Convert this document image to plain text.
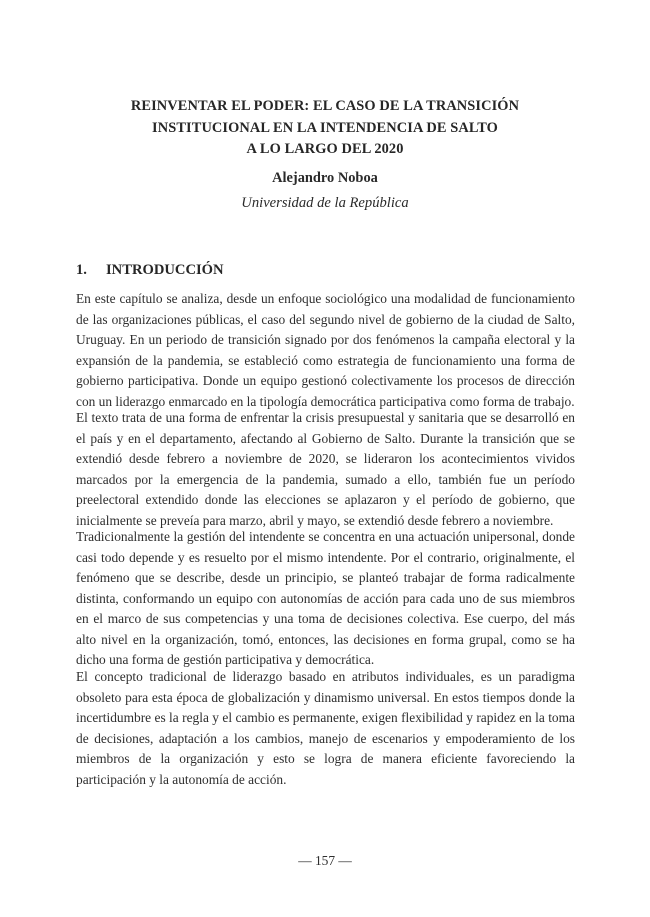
REINVENTAR EL PODER: EL CASO DE LA TRANSICIÓN
INSTITUCIONAL EN LA INTENDENCIA DE SALTO
A LO LARGO DEL 2020
Alejandro Noboa
Universidad de la República
1. INTRODUCCIÓN

En este capítulo se analiza, desde un enfoque sociológico una modalidad de funcionamiento de las organizaciones públicas, el caso del segundo nivel de gobierno de la ciudad de Salto, Uruguay. En un periodo de transición signado por dos fenómenos la campaña electoral y la expansión de la pandemia, se estableció como estrategia de funcionamiento una forma de gobierno participativa. Donde un equipo gestionó colectivamente los procesos de dirección con un liderazgo enmarcado en la tipología democrática participativa como forma de trabajo.

El texto trata de una forma de enfrentar la crisis presupuestal y sanitaria que se desarrolló en el país y en el departamento, afectando al Gobierno de Salto. Durante la transición que se extendió desde febrero a noviembre de 2020, se lideraron los acontecimientos vividos marcados por la emergencia de la pandemia, sumado a ello, también fue un período preelectoral extendido donde las elecciones se aplazaron y el período de gobierno, que inicialmente se preveía para marzo, abril y mayo, se extendió desde febrero a noviembre.

Tradicionalmente la gestión del intendente se concentra en una actuación unipersonal, donde casi todo depende y es resuelto por el mismo intendente. Por el contrario, originalmente, el fenómeno que se describe, desde un principio, se planteó trabajar de forma radicalmente distinta, conformando un equipo con autonomías de acción para cada uno de sus miembros en el marco de sus competencias y una toma de decisiones colectiva. Ese cuerpo, del más alto nivel en la organización, tomó, entonces, las decisiones en forma grupal, como se ha dicho una forma de gestión participativa y democrática.

El concepto tradicional de liderazgo basado en atributos individuales, es un paradigma obsoleto para esta época de globalización y dinamismo universal. En estos tiempos donde la incertidumbre es la regla y el cambio es permanente, exigen flexibilidad y rapidez en la toma de decisiones, adaptación a los cambios, manejo de escenarios y empoderamiento de los miembros de la organización y esto se logra de manera eficiente favoreciendo la participación y la autonomía de acción.

— 157 —
